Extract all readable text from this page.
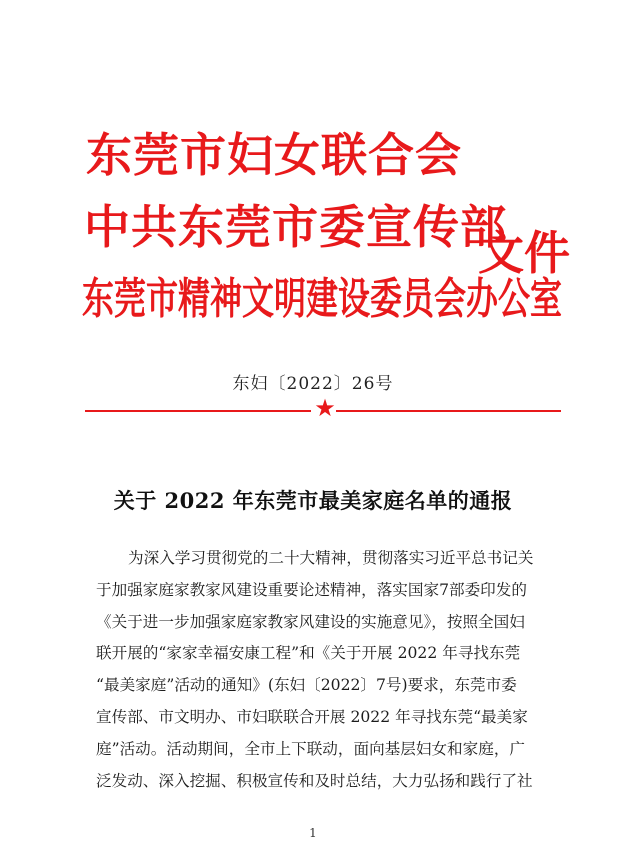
东莞市妇女联合会
中共东莞市委宣传部
东莞市精神文明建设委员会办公室
文件
东妇〔2022〕26号
★
关于 2022 年东莞市最美家庭名单的通报
为深入学习贯彻党的二十大精神，贯彻落实习近平总书记关
于加强家庭家教家风建设重要论述精神，落实国家7部委印发的
《关于进一步加强家庭家教家风建设的实施意见》，按照全国妇
联开展的“家家幸福安康工程”和《关于开展 2022 年寻找东莞
“最美家庭”活动的通知》(东妇〔2022〕7号)要求，东莞市委
宣传部、市文明办、市妇联联合开展 2022 年寻找东莞“最美家
庭”活动。活动期间，全市上下联动，面向基层妇女和家庭，广
泛发动、深入挖掘、积极宣传和及时总结，大力弘扬和践行了社
1
